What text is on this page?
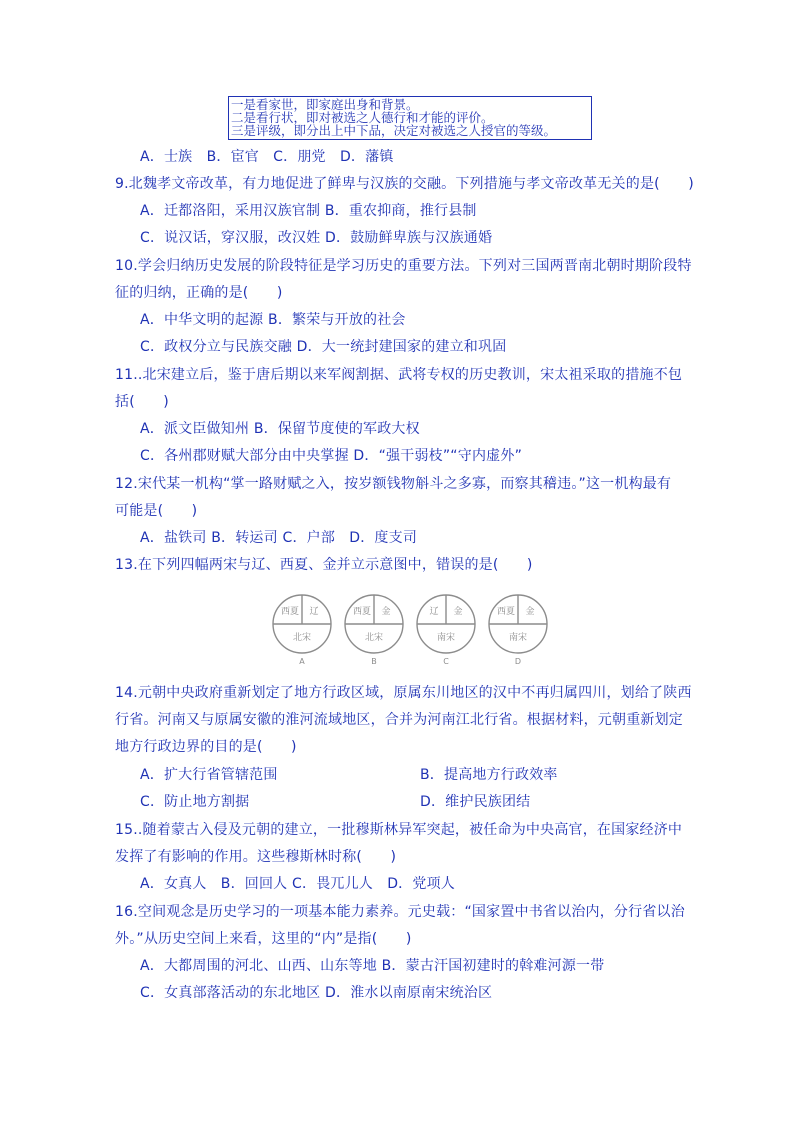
一是看家世，即家庭出身和背景。
二是看行状，即对被选之人德行和才能的评价。
三是评级，即分出上中下品，决定对被选之人授官的等级。
A．士族　B．宦官　C．朋党　D．藩镇
9.北魏孝文帝改革，有力地促进了鲜卑与汉族的交融。下列措施与孝文帝改革无关的是(　　)
A．迁都洛阳，采用汉族官制 B．重农抑商，推行县制
C．说汉话，穿汉服，改汉姓 D．鼓励鲜卑族与汉族通婚
10.学会归纳历史发展的阶段特征是学习历史的重要方法。下列对三国两晋南北朝时期阶段特
征的归纳，正确的是(　　)
A．中华文明的起源 B．繁荣与开放的社会
C．政权分立与民族交融 D．大一统封建国家的建立和巩固
11..北宋建立后，鉴于唐后期以来军阀割据、武将专权的历史教训，宋太祖采取的措施不包
括(　　)
A．派文臣做知州 B．保留节度使的军政大权
C．各州郡财赋大部分由中央掌握 D．“强干弱枝”“守内虚外”
12.宋代某一机构“掌一路财赋之入，按岁额钱物斛斗之多寡，而察其稽违。”这一机构最有
可能是(　　)
A．盐铁司 B．转运司 C．户部　D．度支司
13.在下列四幅两宋与辽、西夏、金并立示意图中，错误的是(　　)
西夏 辽
北宋
A
西夏 金
北宋
B
辽 金
南宋
C
西夏 金
南宋
D
14.元朝中央政府重新划定了地方行政区域，原属东川地区的汉中不再归属四川，划给了陕西
行省。河南又与原属安徽的淮河流域地区，合并为河南江北行省。根据材料，元朝重新划定
地方行政边界的目的是(　　)
A．扩大行省管辖范围	B．提高地方行政效率
C．防止地方割据	D．维护民族团结
15..随着蒙古入侵及元朝的建立，一批穆斯林异军突起，被任命为中央高官，在国家经济中
发挥了有影响的作用。这些穆斯林时称(　　)
A．女真人　B．回回人 C．畏兀儿人　D．党项人
16.空间观念是历史学习的一项基本能力素养。元史载：“国家置中书省以治内，分行省以治
外。”从历史空间上来看，这里的“内”是指(　　)
A．大都周围的河北、山西、山东等地 B．蒙古汗国初建时的斡难河源一带
C．女真部落活动的东北地区 D．淮水以南原南宋统治区
